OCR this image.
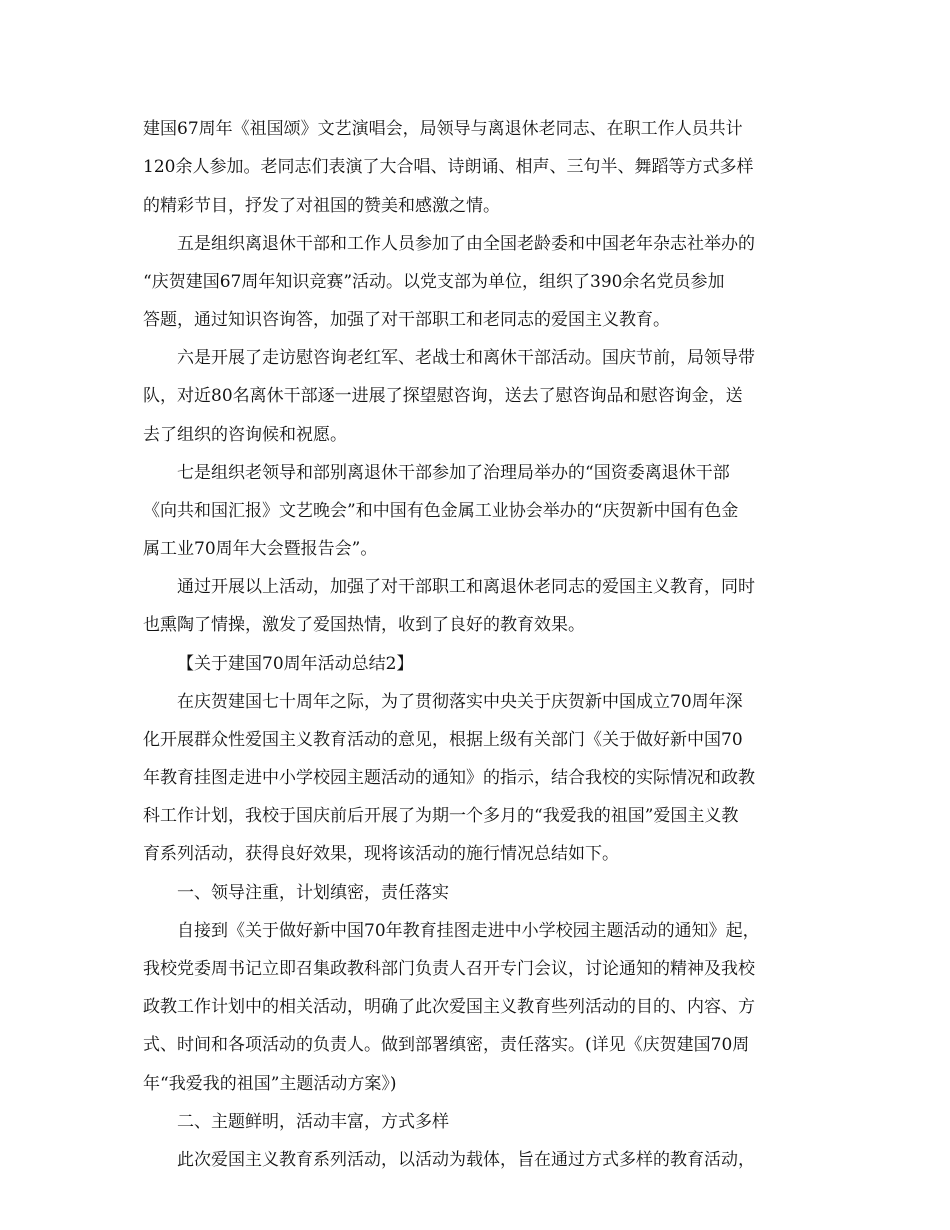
建国67周年《祖国颂》文艺演唱会，局领导与离退休老同志、在职工作人员共计
120余人参加。老同志们表演了大合唱、诗朗诵、相声、三句半、舞蹈等方式多样
的精彩节目，抒发了对祖国的赞美和感激之情。
五是组织离退休干部和工作人员参加了由全国老龄委和中国老年杂志社举办的
“庆贺建国67周年知识竞赛”活动。以党支部为单位，组织了390余名党员参加
答题，通过知识咨询答，加强了对干部职工和老同志的爱国主义教育。
六是开展了走访慰咨询老红军、老战士和离休干部活动。国庆节前，局领导带
队，对近80名离休干部逐一进展了探望慰咨询，送去了慰咨询品和慰咨询金，送
去了组织的咨询候和祝愿。
七是组织老领导和部别离退休干部参加了治理局举办的“国资委离退休干部
《向共和国汇报》文艺晚会”和中国有色金属工业协会举办的“庆贺新中国有色金
属工业70周年大会暨报告会”。
通过开展以上活动，加强了对干部职工和离退休老同志的爱国主义教育，同时
也熏陶了情操，激发了爱国热情，收到了良好的教育效果。
【关于建国70周年活动总结2】
在庆贺建国七十周年之际，为了贯彻落实中央关于庆贺新中国成立70周年深
化开展群众性爱国主义教育活动的意见，根据上级有关部门《关于做好新中国70
年教育挂图走进中小学校园主题活动的通知》的指示，结合我校的实际情况和政教
科工作计划，我校于国庆前后开展了为期一个多月的“我爱我的祖国”爱国主义教
育系列活动，获得良好效果，现将该活动的施行情况总结如下。
一、领导注重，计划缜密，责任落实
自接到《关于做好新中国70年教育挂图走进中小学校园主题活动的通知》起，
我校党委周书记立即召集政教科部门负责人召开专门会议，讨论通知的精神及我校
政教工作计划中的相关活动，明确了此次爱国主义教育些列活动的目的、内容、方
式、时间和各项活动的负责人。做到部署缜密，责任落实。(详见《庆贺建国70周
年“我爱我的祖国”主题活动方案》)
二、主题鲜明，活动丰富，方式多样
此次爱国主义教育系列活动，以活动为载体，旨在通过方式多样的教育活动，
